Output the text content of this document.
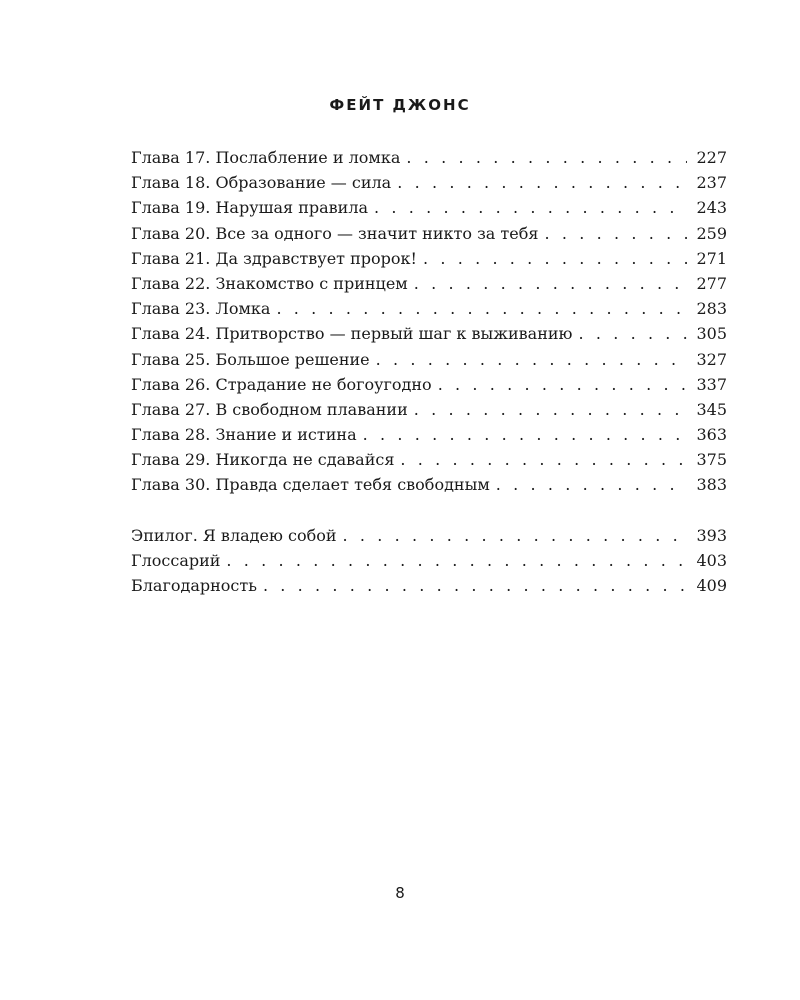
ФЕЙТ ДЖОНС
Глава 17. Послабление и ломка . . .	227
Глава 18. Образование — сила . . .	237
Глава 19. Нарушая правила . . .	243
Глава 20. Все за одного — значит никто за тебя . . .	259
Глава 21. Да здравствует пророк! . . .	271
Глава 22. Знакомство с принцем . . .	277
Глава 23. Ломка . . .	283
Глава 24. Притворство — первый шаг к выживанию . . .	305
Глава 25. Большое решение . . .	327
Глава 26. Страдание не богоугодно . . .	337
Глава 27. В свободном плавании . . .	345
Глава 28. Знание и истина . . .	363
Глава 29. Никогда не сдавайся . . .	375
Глава 30. Правда сделает тебя свободным . . .	383
Эпилог. Я владею собой . . .	393
Глоссарий . . .	403
Благодарность . . .	409
8
